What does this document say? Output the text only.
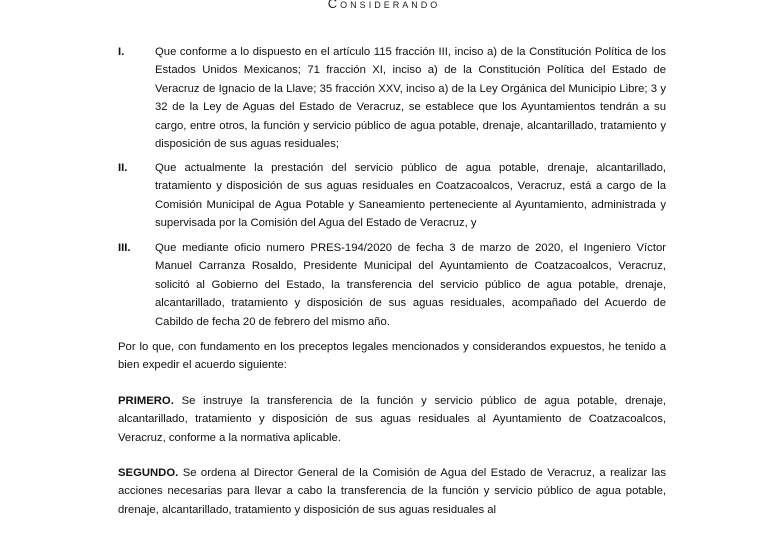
Considerando
I.	Que conforme a lo dispuesto en el artículo 115 fracción III, inciso a) de la Constitución Política de los Estados Unidos Mexicanos; 71 fracción XI, inciso a) de la Constitución Política del Estado de Veracruz de Ignacio de la Llave; 35 fracción XXV, inciso a) de la Ley Orgánica del Municipio Libre; 3 y 32 de la Ley de Aguas del Estado de Veracruz, se establece que los Ayuntamientos tendrán a su cargo, entre otros, la función y servicio público de agua potable, drenaje, alcantarillado, tratamiento y disposición de sus aguas residuales;
II. Que actualmente la prestación del servicio público de agua potable, drenaje, alcantarillado, tratamiento y disposición de sus aguas residuales en Coatzacoalcos, Veracruz, está a cargo de la Comisión Municipal de Agua Potable y Saneamiento perteneciente al Ayuntamiento, administrada y supervisada por la Comisión del Agua del Estado de Veracruz, y
III. Que mediante oficio numero PRES-194/2020 de fecha 3 de marzo de 2020, el Ingeniero Víctor Manuel Carranza Rosaldo, Presidente Municipal del Ayuntamiento de Coatzacoalcos, Veracruz, solicitó al Gobierno del Estado, la transferencia del servicio público de agua potable, drenaje, alcantarillado, tratamiento y disposición de sus aguas residuales, acompañado del Acuerdo de Cabildo de fecha 20 de febrero del mismo año.
Por lo que, con fundamento en los preceptos legales mencionados y considerandos expuestos, he tenido a bien expedir el acuerdo siguiente:
PRIMERO. Se instruye la transferencia de la función y servicio público de agua potable, drenaje, alcantarillado, tratamiento y disposición de sus aguas residuales al Ayuntamiento de Coatzacoalcos, Veracruz, conforme a la normativa aplicable.
SEGUNDO. Se ordena al Director General de la Comisión de Agua del Estado de Veracruz, a realizar las acciones necesarias para llevar a cabo la transferencia de la función y servicio público de agua potable, drenaje, alcantarillado, tratamiento y disposición de sus aguas residuales al
